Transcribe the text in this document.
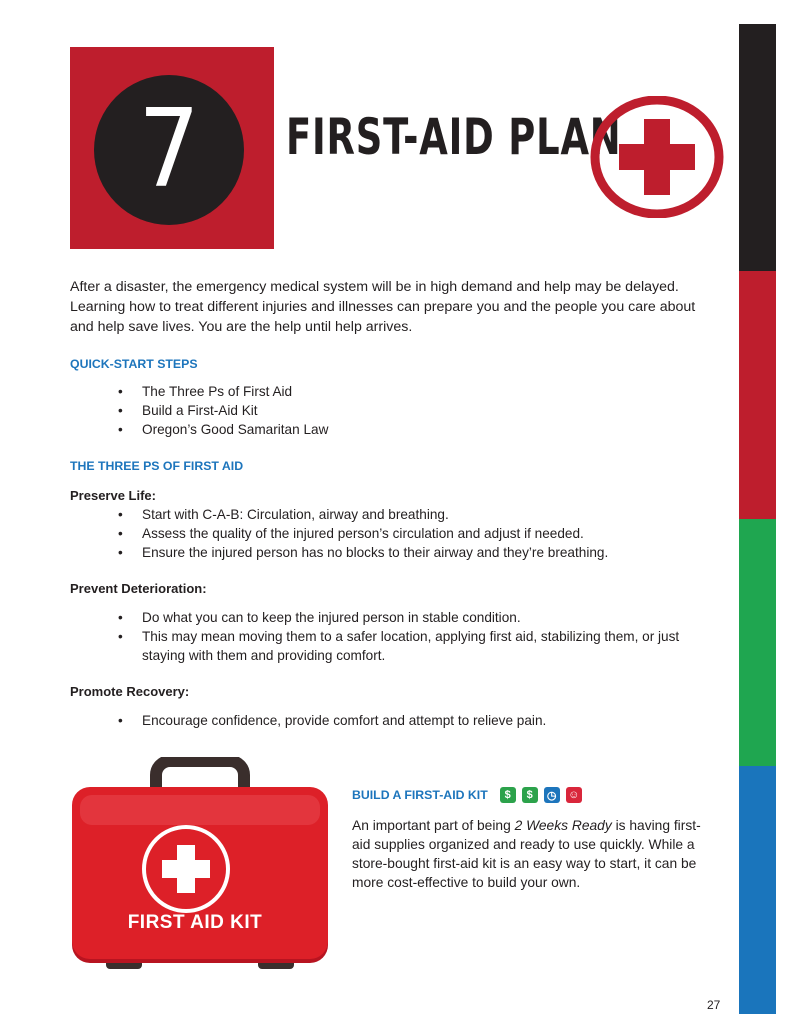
7	FIRST-AID PLAN

After a disaster, the emergency medical system will be in high demand and help may be delayed. Learning how to treat different injuries and illnesses can prepare you and the people you care about and help save lives. You are the help until help arrives.

QUICK-START STEPS

• The Three Ps of First Aid
• Build a First-Aid Kit
• Oregon’s Good Samaritan Law

THE THREE PS OF FIRST AID

Preserve Life:

• Start with C-A-B: Circulation, airway and breathing.
• Assess the quality of the injured person’s circulation and adjust if needed.
• Ensure the injured person has no blocks to their airway and they’re breathing.

Prevent Deterioration:

• Do what you can to keep the injured person in stable condition.
• This may mean moving them to a safer location, applying first aid, stabilizing them, or just staying with them and providing comfort.

Promote Recovery:

• Encourage confidence, provide comfort and attempt to relieve pain.
FIRST AID KIT
BUILD A FIRST-AID KIT	$	$	◷ ☺

An important part of being 2 Weeks Ready is having first-aid supplies organized and ready to use quickly. While a store-bought first-aid kit is an easy way to start, it can be more cost-effective to build your own.

27
